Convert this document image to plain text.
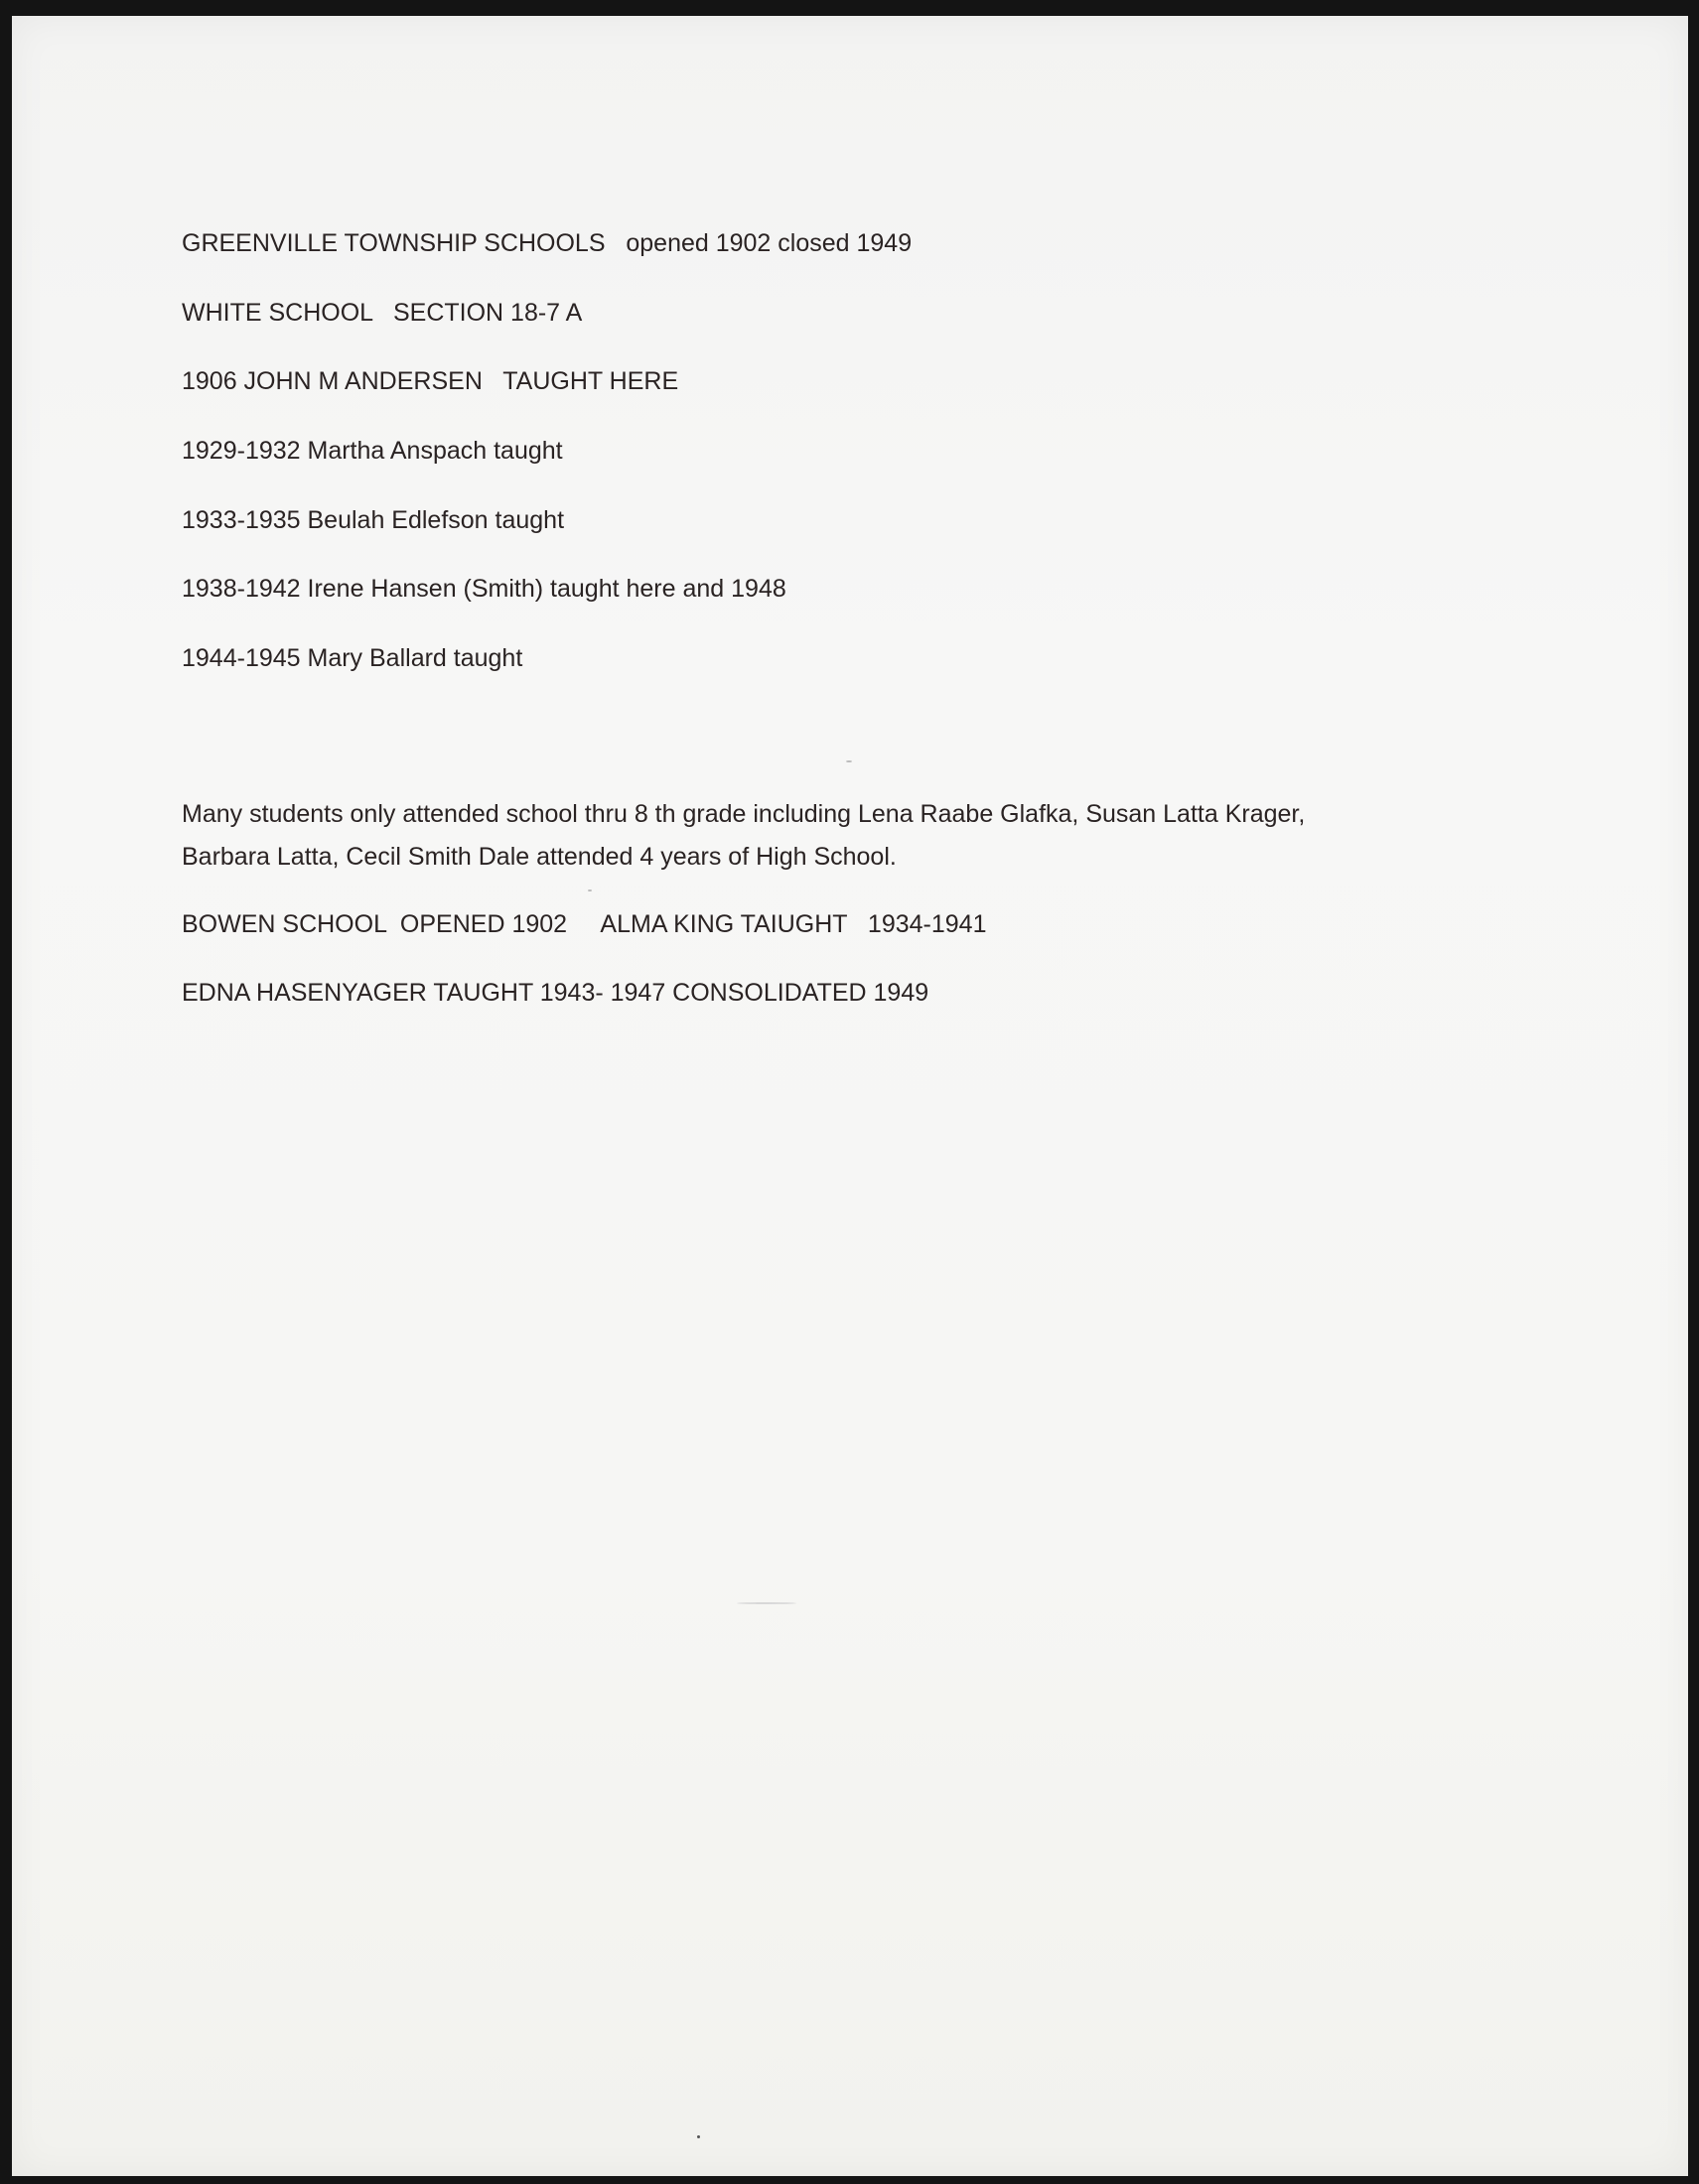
GREENVILLE TOWNSHIP SCHOOLS   opened 1902 closed 1949

WHITE SCHOOL   SECTION 18-7 A

1906 JOHN M ANDERSEN   TAUGHT HERE

1929-1932 Martha Anspach taught

1933-1935 Beulah Edlefson taught

1938-1942 Irene Hansen (Smith) taught here and 1948

1944-1945 Mary Ballard taught

Many students only attended school thru 8 th grade including Lena Raabe Glafka, Susan Latta Krager,

Barbara Latta, Cecil Smith Dale attended 4 years of High School.

BOWEN SCHOOL  OPENED 1902     ALMA KING TAIUGHT   1934-1941

EDNA HASENYAGER TAUGHT 1943- 1947 CONSOLIDATED 1949
